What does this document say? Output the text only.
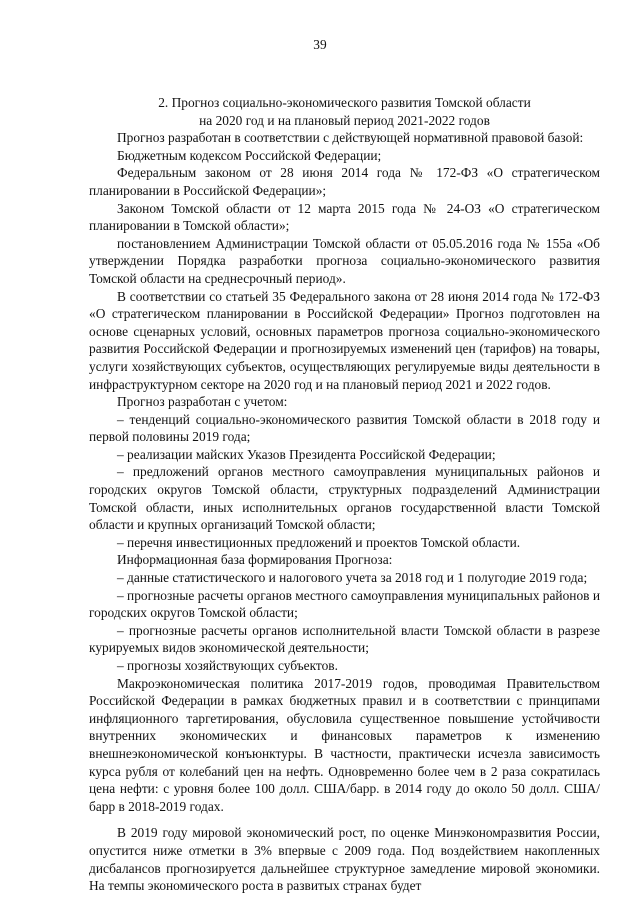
39
2. Прогноз социально-экономического развития Томской области
на 2020 год и на плановый период 2021-2022 годов

Прогноз разработан в соответствии с действующей нормативной правовой базой:

Бюджетным кодексом Российской Федерации;

Федеральным законом от 28 июня 2014 года № 172-ФЗ «О стратегическом планировании в Российской Федерации»;

Законом Томской области от 12 марта 2015 года № 24-ОЗ «О стратегическом планировании в Томской области»;

постановлением Администрации Томской области от 05.05.2016 года № 155а «Об утверждении Порядка разработки прогноза социально-экономического развития Томской области на среднесрочный период».

В соответствии со статьей 35 Федерального закона от 28 июня 2014 года № 172-ФЗ «О стратегическом планировании в Российской Федерации» Прогноз подготовлен на основе сценарных условий, основных параметров прогноза социально-экономического развития Российской Федерации и прогнозируемых изменений цен (тарифов) на товары, услуги хозяйствующих субъектов, осуществляющих регулируемые виды деятельности в инфраструктурном секторе на 2020 год и на плановый период 2021 и 2022 годов.

Прогноз разработан с учетом:

– тенденций социально-экономического развития Томской области в 2018 году и первой половины 2019 года;

– реализации майских Указов Президента Российской Федерации;

– предложений органов местного самоуправления муниципальных районов и городских округов Томской области, структурных подразделений Администрации Томской области, иных исполнительных органов государственной власти Томской области и крупных организаций Томской области;

– перечня инвестиционных предложений и проектов Томской области.

Информационная база формирования Прогноза:

– данные статистического и налогового учета за 2018 год и 1 полугодие 2019 года;

– прогнозные расчеты органов местного самоуправления муниципальных районов и городских округов Томской области;

– прогнозные расчеты органов исполнительной власти Томской области в разрезе курируемых видов экономической деятельности;

– прогнозы хозяйствующих субъектов.

Макроэкономическая политика 2017-2019 годов, проводимая Правительством Российской Федерации в рамках бюджетных правил и в соответствии с принципами инфляционного таргетирования, обусловила существенное повышение устойчивости внутренних экономических и финансовых параметров к изменению внешнеэкономической конъюнктуры. В частности, практически исчезла зависимость курса рубля от колебаний цен на нефть. Одновременно более чем в 2 раза сократилась цена нефти: с уровня более 100 долл. США/барр. в 2014 году до около 50 долл. США/барр в 2018-2019 годах.

В 2019 году мировой экономический рост, по оценке Минэкономразвития России, опустится ниже отметки в 3% впервые с 2009 года. Под воздействием накопленных дисбалансов прогнозируется дальнейшее структурное замедление мировой экономики. На темпы экономического роста в развитых странах будет
